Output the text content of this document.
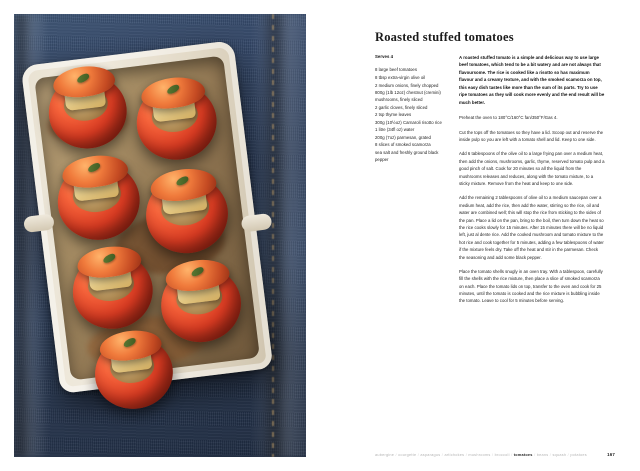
Roasted stuffed tomatoes

Serves 4

8 large beef tomatoes
8 tbsp extra-virgin olive oil
2 medium onions, finely chopped
800g (1lb 12oz) chestnut (cremini) mushrooms, finely sliced
2 garlic cloves, finely sliced
2 tsp thyme leaves
300g (10½oz) Carnaroli risotto rice
1 litre (34fl oz) water
200g (7oz) parmesan, grated
8 slices of smoked scamorza
sea salt and freshly ground black pepper

A roasted stuffed tomato is a simple and delicious way to use large beef tomatoes, which tend to be a bit watery and are not always that flavoursome. The rice is cooked like a risotto so has maximum flavour and a creamy texture, and with the smoked scamorza on top, this easy dish tastes like more than the sum of its parts. Try to use ripe tomatoes as they will cook more evenly and the end result will be much better.

Preheat the oven to 180°C/160°C fan/350°F/Gas 4.

Cut the tops off the tomatoes so they have a lid. Scoop out and reserve the inside pulp so you are left with a tomato shell and lid. Keep to one side.

Add 6 tablespoons of the olive oil to a large frying pan over a medium heat, then add the onions, mushrooms, garlic, thyme, reserved tomato pulp and a good pinch of salt. Cook for 20 minutes so all the liquid from the mushrooms releases and reduces, along with the tomato mixture, to a sticky mixture. Remove from the heat and keep to one side.

Add the remaining 2 tablespoons of olive oil to a medium saucepan over a medium heat, add the rice, then add the water, stirring so the rice, oil and water are combined well; this will stop the rice from sticking to the sides of the pan. Place a lid on the pan, bring to the boil, then turn down the heat so the rice cooks slowly for 15 minutes. After 15 minutes there will be no liquid left, just al dente rice. Add the cooked mushroom and tomato mixture to the hot rice and cook together for 5 minutes, adding a few tablespoons of water if the mixture feels dry. Take off the heat and stir in the parmesan. Check the seasoning and add some black pepper.

Place the tomato shells snugly in an oven tray. With a tablespoon, carefully fill the shells with the rice mixture, then place a slice of smoked scamorza on each. Place the tomato lids on top, transfer to the oven and cook for 25 minutes, until the tomato is cooked and the rice mixture is bubbling inside the tomato. Leave to cool for 5 minutes before serving.

aubergine/courgette/asparagus/artichokes/mushrooms/broccoli/tomatoes/beans/squash/potatoes	167
